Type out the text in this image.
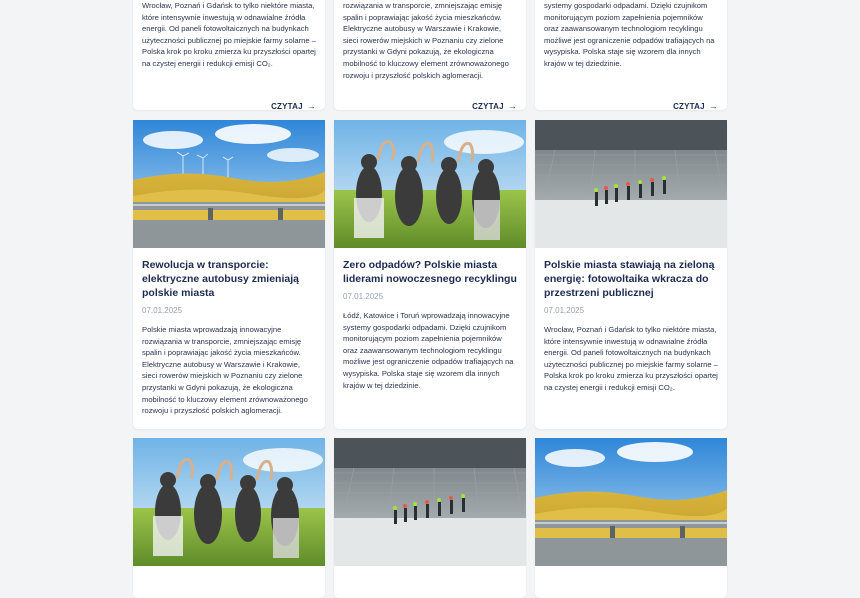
Wrocław, Poznań i Gdańsk to tylko niektóre miasta, które intensywnie inwestują w odnawialne źródła energii. Od paneli fotowoltaicznych na budynkach użyteczności publicznej po miejskie farmy solarne – Polska krok po kroku zmierza ku przyszłości opartej na czystej energii i redukcji emisji CO₂.

CZYTAJ →
Rewolucja w transporcie: elektryczne autobusy zmieniają polskie miasta
07.01.2025

Polskie miasta wprowadzają innowacyjne rozwiązania w transporcie, zmniejszając emisję spalin i poprawiając jakość życia mieszkańców. Elektryczne autobusy w Warszawie i Krakowie, sieci rowerów miejskich w Poznaniu czy zielone przystanki w Gdyni pokazują, że ekologiczna mobilność to kluczowy element zrównoważonego rozwoju i przyszłość polskich aglomeracji.

rozwiązania w transporcie, zmniejszając emisję spalin i poprawiając jakość życia mieszkańców. Elektryczne autobusy w Warszawie i Krakowie, sieci rowerów miejskich w Poznaniu czy zielone przystanki w Gdyni pokazują, że ekologiczna mobilność to kluczowy element zrównoważonego rozwoju i przyszłość polskich aglomeracji.

CZYTAJ →
Zero odpadów? Polskie miasta liderami nowoczesnego recyklingu
07.01.2025

Łódź, Katowice i Toruń wprowadzają innowacyjne systemy gospodarki odpadami. Dzięki czujnikom monitorującym poziom zapełnienia pojemników oraz zaawansowanym technologiom recyklingu możliwe jest ograniczenie odpadów trafiających na wysypiska. Polska staje się wzorem dla innych krajów w tej dziedzinie.

systemy gospodarki odpadami. Dzięki czujnikom monitorującym poziom zapełnienia pojemników oraz zaawansowanym technologiom recyklingu możliwe jest ograniczenie odpadów trafiających na wysypiska. Polska staje się wzorem dla innych krajów w tej dziedzinie.

CZYTAJ →
Polskie miasta stawiają na zieloną energię: fotowoltaika wkracza do przestrzeni publicznej
07.01.2025

Wrocław, Poznań i Gdańsk to tylko niektóre miasta, które intensywnie inwestują w odnawialne źródła energii. Od paneli fotowoltaicznych na budynkach użyteczności publicznej po miejskie farmy solarne – Polska krok po kroku zmierza ku przyszłości opartej na czystej energii i redukcji emisji CO₂.
